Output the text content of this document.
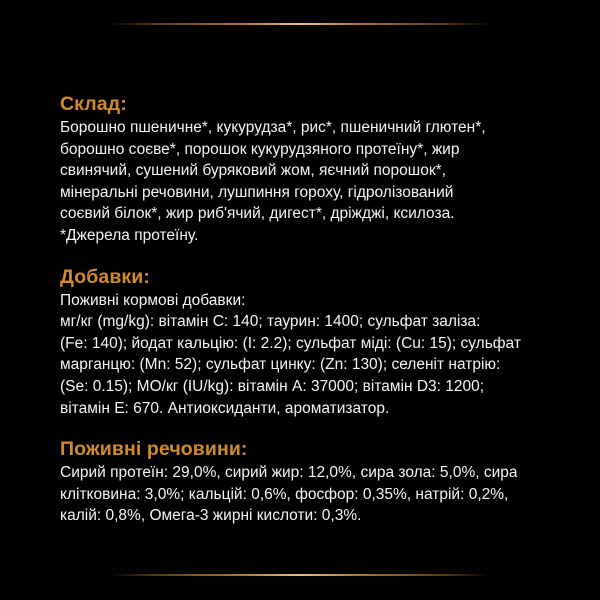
Склад:
Борошно пшеничне*, кукурудза*, рис*, пшеничний глютен*,
борошно соєве*, порошок кукурудзяного протеїну*, жир
свинячий, сушений буряковий жом, яєчний порошок*,
мінеральні речовини, лушпиння гороху, гідролізований
соєвий білок*, жир риб'ячий, дигест*, дріжджі, ксилоза.
*Джерела протеїну.
Добавки:
Поживні кормові добавки:
мг/кг (mg/kg): вітамін С: 140; таурин: 1400; сульфат заліза:
(Fe: 140); йодат кальцію: (I: 2.2); сульфат міді: (Cu: 15); сульфат
марганцю: (Mn: 52); сульфат цинку: (Zn: 130); селеніт натрію:
(Se: 0.15); МО/кг (IU/kg): вітамін А: 37000; вітамін D3: 1200;
вітамін Е: 670. Антиоксиданти, ароматизатор.
Поживні речовини:
Сирий протеїн: 29,0%, сирий жир: 12,0%, сира зола: 5,0%, сира
клітковина: 3,0%; кальцій: 0,6%, фосфор: 0,35%, натрій: 0,2%,
калій: 0,8%, Омега-3 жирні кислоти: 0,3%.
